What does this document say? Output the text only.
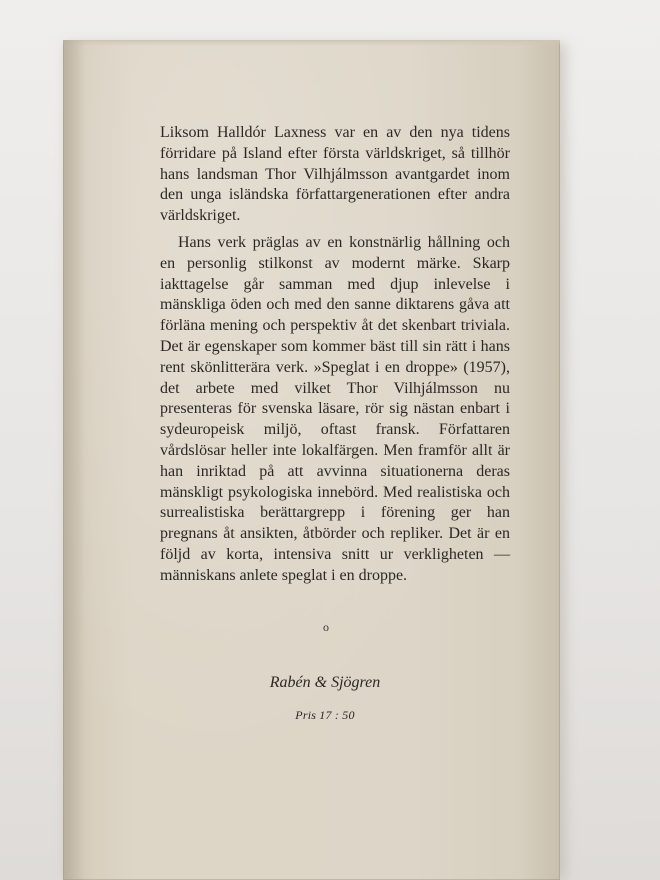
Liksom Halldór Laxness var en av den nya tidens förridare på Island efter första världskriget, så tillhör hans landsman Thor Vilhjálmsson avantgardet inom den unga isländska författargenerationen efter andra världskriget.

Hans verk präglas av en konstnärlig hållning och en personlig stilkonst av modernt märke. Skarp iakttagelse går samman med djup inlevelse i mänskliga öden och med den sanne diktarens gåva att förläna mening och perspektiv åt det skenbart triviala. Det är egenskaper som kommer bäst till sin rätt i hans rent skönlitterära verk. »Speglat i en droppe» (1957), det arbete med vilket Thor Vilhjálmsson nu presenteras för svenska läsare, rör sig nästan enbart i sydeuropeisk miljö, oftast fransk. Författaren vårdslösar heller inte lokalfärgen. Men framför allt är han inriktad på att avvinna situationerna deras mänskligt psykologiska innebörd. Med realistiska och surrealistiska berättargrepp i förening ger han pregnans åt ansikten, åtbörder och repliker. Det är en följd av korta, intensiva snitt ur verkligheten — människans anlete speglat i en droppe.

o
Rabén & Sjögren
Pris 17 : 50
